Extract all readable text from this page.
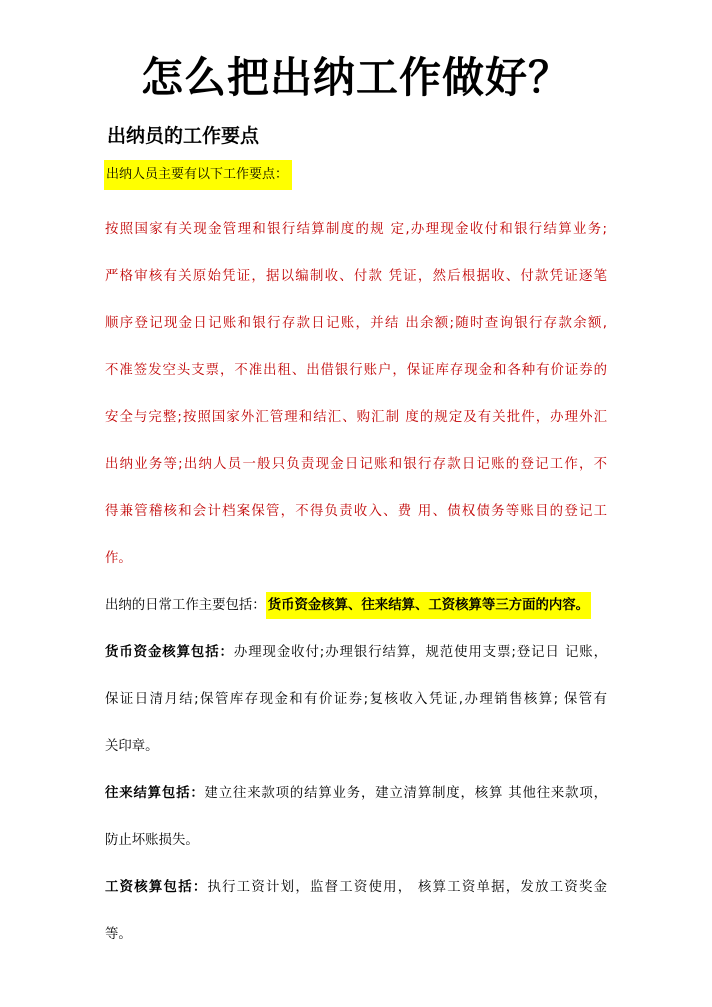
怎么把出纳工作做好？
出纳员的工作要点
出纳人员主要有以下工作要点：
按照国家有关现金管理和银行结算制度的规 定,办理现金收付和银行结算业务;
严格审核有关原始凭证，据以编制收、付款 凭证，然后根据收、付款凭证逐笔
顺序登记现金日记账和银行存款日记账，并结 出余额;随时查询银行存款余额,
不准签发空头支票，不准出租、出借银行账户，保证库存现金和各种有价证券的
安全与完整;按照国家外汇管理和结汇、购汇制 度的规定及有关批件，办理外汇
出纳业务等;出纳人员一般只负责现金日记账和银行存款日记账的登记工作，不
得兼管稽核和会计档案保管，不得负责收入、费 用、债权债务等账目的登记工
作。
出纳的日常工作主要包括： 货币资金核算、往来结算、工资核算等三方面的内容。
货币资金核算包括：办理现金收付;办理银行结算，规范使用支票;登记日 记账，
保证日清月结;保管库存现金和有价证券;复核收入凭证,办理销售核算; 保管有
关印章。
往来结算包括：建立往来款项的结算业务，建立清算制度，核算 其他往来款项，
防止坏账损失。
工资核算包括：执行工资计划，监督工资使用， 核算工资单据，发放工资奖金
等。
